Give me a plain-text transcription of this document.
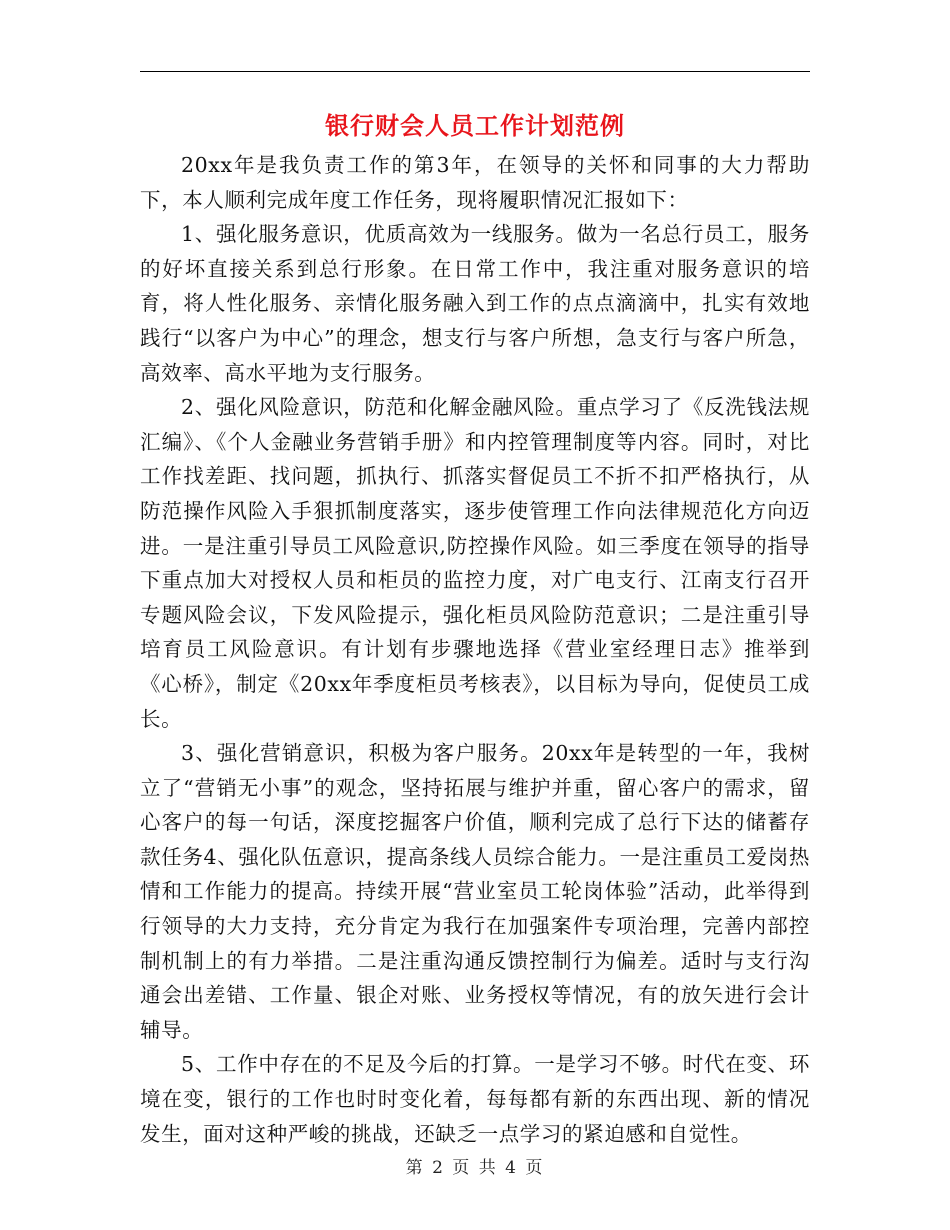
银行财会人员工作计划范例

20xx年是我负责工作的第3年，在领导的关怀和同事的大力帮助下，本人顺利完成年度工作任务，现将履职情况汇报如下：

1、强化服务意识，优质高效为一线服务。做为一名总行员工，服务的好坏直接关系到总行形象。在日常工作中，我注重对服务意识的培育，将人性化服务、亲情化服务融入到工作的点点滴滴中，扎实有效地践行“以客户为中心”的理念，想支行与客户所想，急支行与客户所急，高效率、高水平地为支行服务。

2、强化风险意识，防范和化解金融风险。重点学习了《反洗钱法规汇编》、《个人金融业务营销手册》和内控管理制度等内容。同时，对比工作找差距、找问题，抓执行、抓落实督促员工不折不扣严格执行，从防范操作风险入手狠抓制度落实，逐步使管理工作向法律规范化方向迈进。一是注重引导员工风险意识,防控操作风险。如三季度在领导的指导下重点加大对授权人员和柜员的监控力度，对广电支行、江南支行召开专题风险会议，下发风险提示，强化柜员风险防范意识；二是注重引导培育员工风险意识。有计划有步骤地选择《营业室经理日志》推举到《心桥》，制定《20xx年季度柜员考核表》，以目标为导向，促使员工成长。

3、强化营销意识，积极为客户服务。20xx年是转型的一年，我树立了“营销无小事”的观念，坚持拓展与维护并重，留心客户的需求，留心客户的每一句话，深度挖掘客户价值，顺利完成了总行下达的储蓄存款任务4、强化队伍意识，提高条线人员综合能力。一是注重员工爱岗热情和工作能力的提高。持续开展“营业室员工轮岗体验”活动，此举得到行领导的大力支持，充分肯定为我行在加强案件专项治理，完善内部控制机制上的有力举措。二是注重沟通反馈控制行为偏差。适时与支行沟通会出差错、工作量、银企对账、业务授权等情况，有的放矢进行会计辅导。

5、工作中存在的不足及今后的打算。一是学习不够。时代在变、环境在变，银行的工作也时时变化着，每每都有新的东西出现、新的情况发生，面对这种严峻的挑战，还缺乏一点学习的紧迫感和自觉性。

第 2 页 共 4 页
